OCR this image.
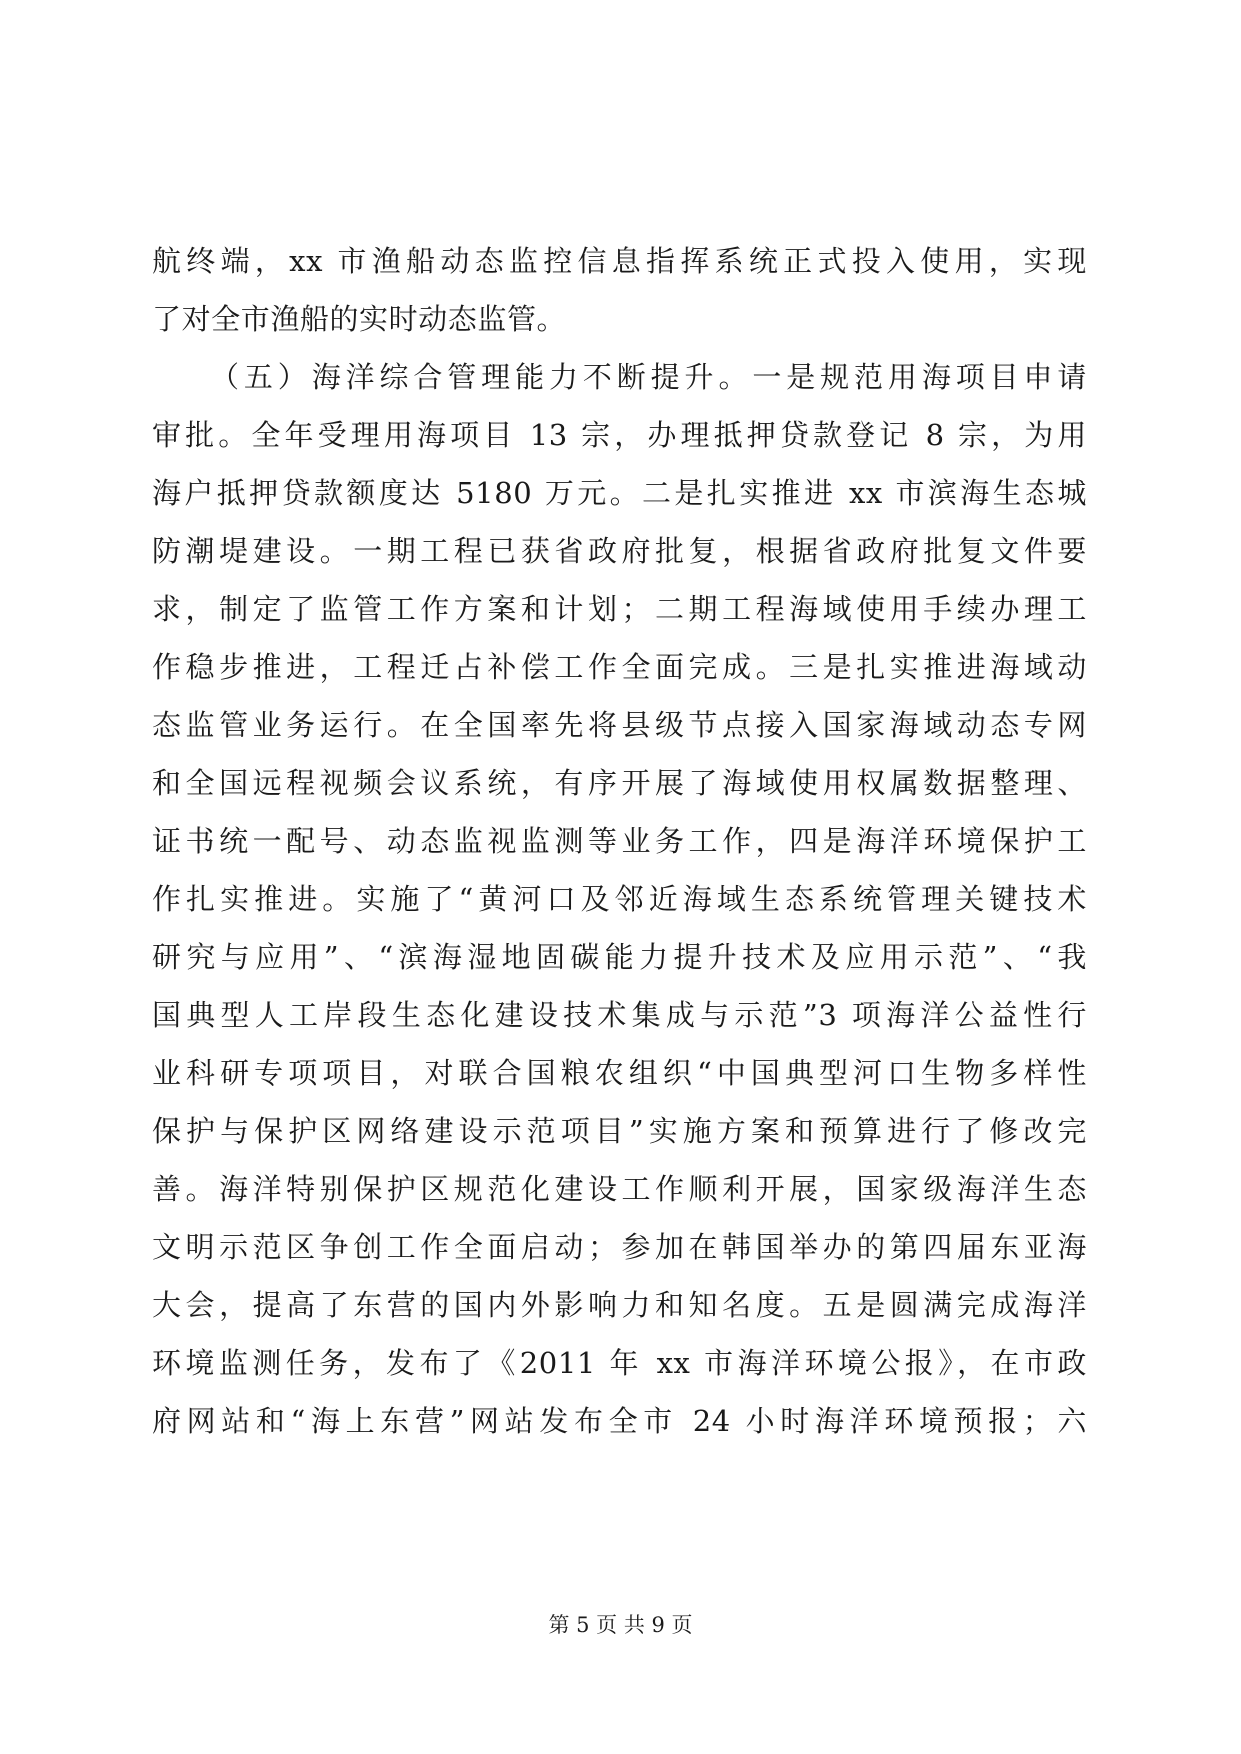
航终端，xx 市渔船动态监控信息指挥系统正式投入使用，实现
了对全市渔船的实时动态监管。
（五）海洋综合管理能力不断提升。一是规范用海项目申请
审批。全年受理用海项目 13 宗，办理抵押贷款登记 8 宗，为用
海户抵押贷款额度达 5180 万元。二是扎实推进 xx 市滨海生态城
防潮堤建设。一期工程已获省政府批复，根据省政府批复文件要
求，制定了监管工作方案和计划；二期工程海域使用手续办理工
作稳步推进，工程迁占补偿工作全面完成。三是扎实推进海域动
态监管业务运行。在全国率先将县级节点接入国家海域动态专网
和全国远程视频会议系统，有序开展了海域使用权属数据整理、
证书统一配号、动态监视监测等业务工作，四是海洋环境保护工
作扎实推进。实施了“黄河口及邻近海域生态系统管理关键技术
研究与应用”、“滨海湿地固碳能力提升技术及应用示范”、“我
国典型人工岸段生态化建设技术集成与示范”3 项海洋公益性行
业科研专项项目，对联合国粮农组织“中国典型河口生物多样性
保护与保护区网络建设示范项目”实施方案和预算进行了修改完
善。海洋特别保护区规范化建设工作顺利开展，国家级海洋生态
文明示范区争创工作全面启动；参加在韩国举办的第四届东亚海
大会，提高了东营的国内外影响力和知名度。五是圆满完成海洋
环境监测任务，发布了《2011 年 xx 市海洋环境公报》，在市政
府网站和“海上东营”网站发布全市 24 小时海洋环境预报；六
第 5 页 共 9 页
